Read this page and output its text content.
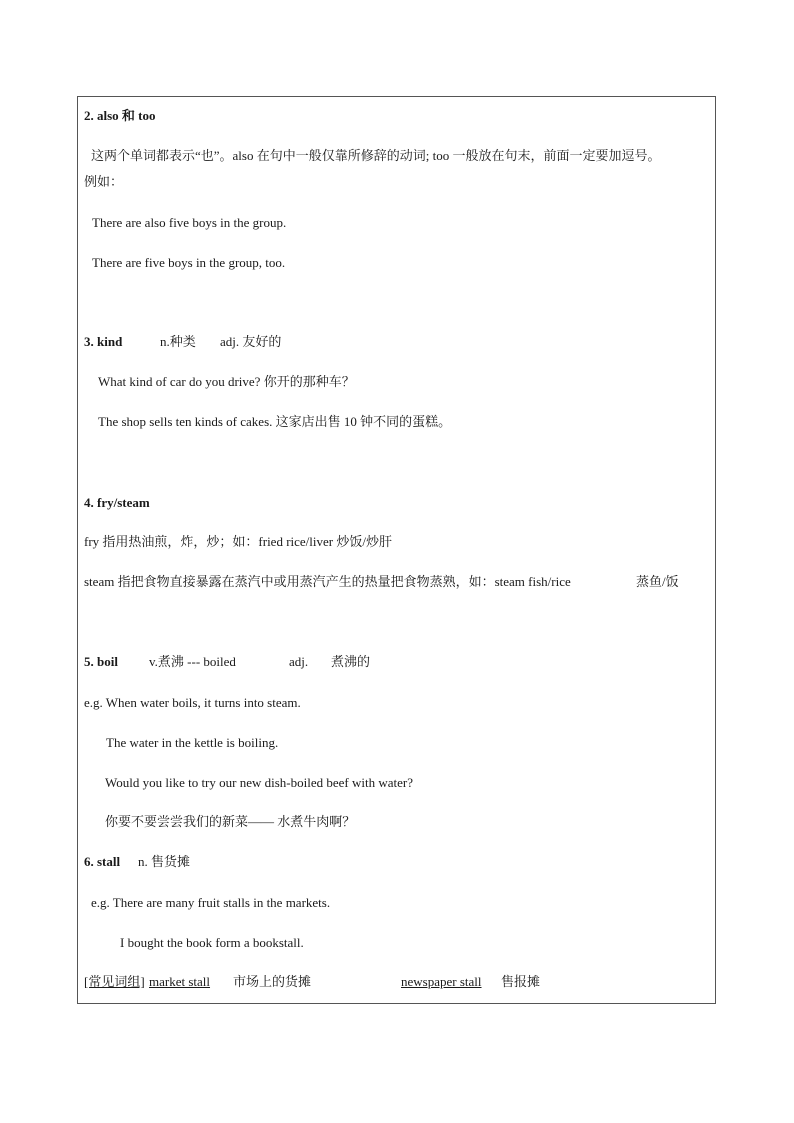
2. also 和 too
这两个单词都表示“也”。also 在句中一般仅靠所修辞的动词; too 一般放在句末，前面一定要加逗号。
例如：
There are also five boys in the group.
There are five boys in the group, too.
3. kind	n.种类 adj. 友好的
What kind of car do you drive? 你开的那种车？
The shop sells ten kinds of cakes. 这家店出售 10 钟不同的蛋糕。
4. fry/steam
fry 指用热油煎，炸，炒；如：fried rice/liver 炒饭/炒肝
steam 指把食物直接暴露在蒸汽中或用蒸汽产生的热量把食物蒸熟，如：steam fish/rice	蒸鱼/饭
5. boil v.煮沸 --- boiled	adj. 煮沸的
e.g. When water boils, it turns into steam.
The water in the kettle is boiling.
Would you like to try our new dish-boiled beef with water?
你要不要尝尝我们的新菜—— 水煮牛肉啊？
6. stall n. 售货摊
e.g. There are many fruit stalls in the markets.
I bought the book form a bookstall.
[常见词组] market stall 市场上的货摊	newspaper stall 售报摊
